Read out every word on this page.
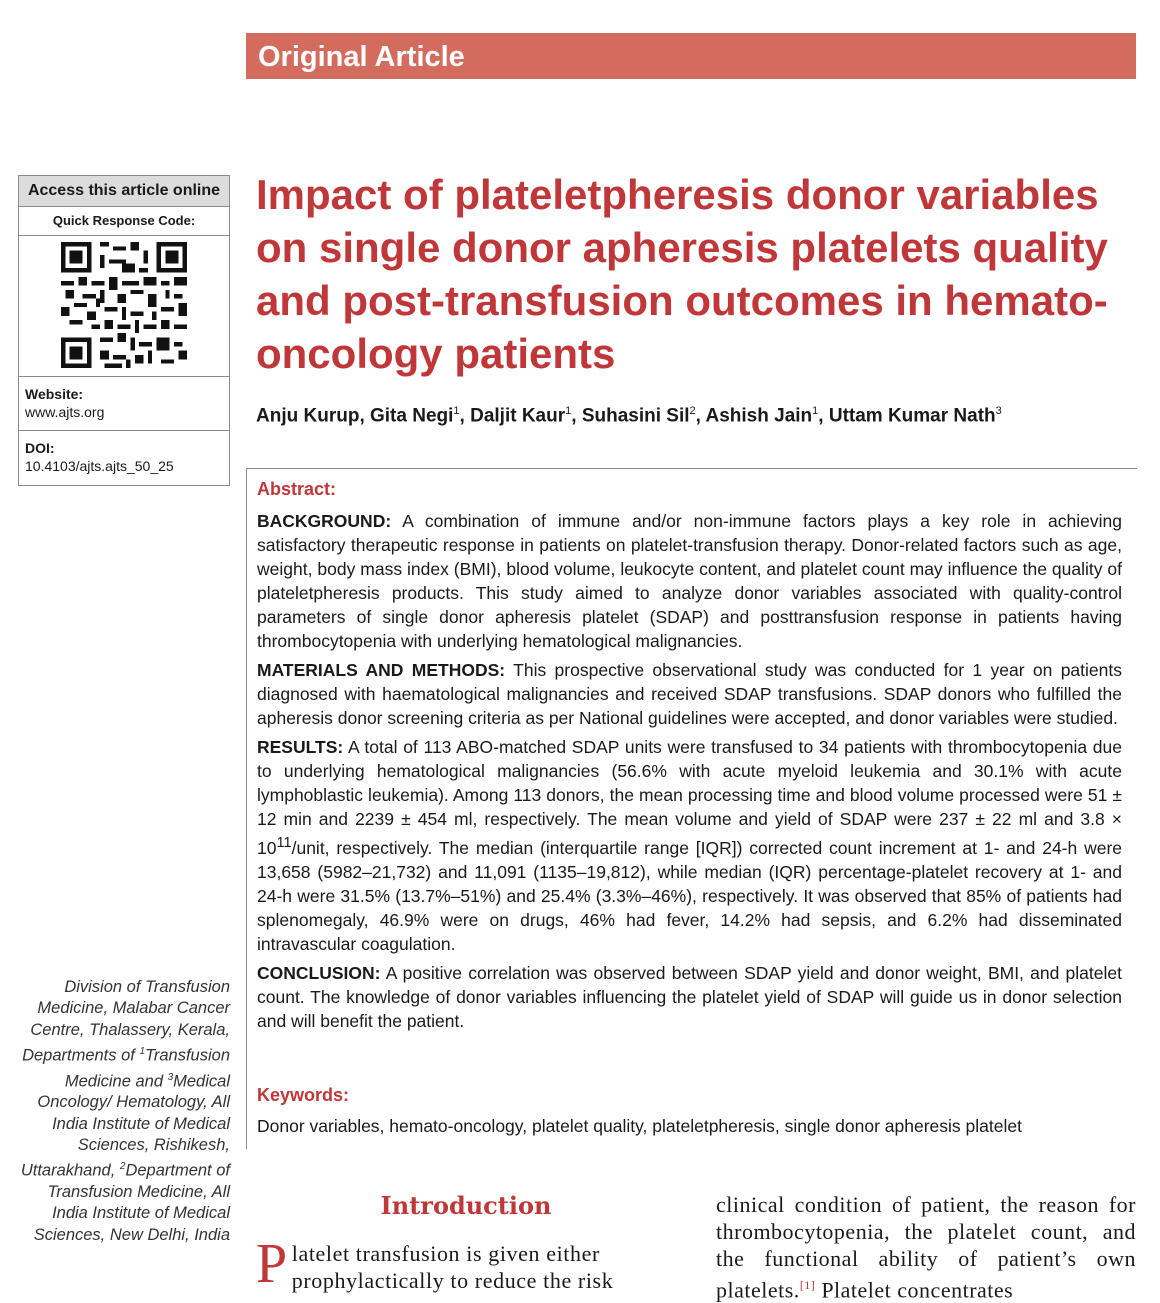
Original Article
Access this article online
Quick Response Code:
Website:
www.ajts.org
DOI:
10.4103/ajts.ajts_50_25
Impact of plateletpheresis donor variables on single donor apheresis platelets quality and post-transfusion outcomes in hemato-oncology patients
Anju Kurup, Gita Negi$^1$, Daljit Kaur$^1$, Suhasini Sil$^2$, Ashish Jain$^1$, Uttam Kumar Nath$^3$
Abstract:

BACKGROUND: A combination of immune and/or non-immune factors plays a key role in achieving satisfactory therapeutic response in patients on platelet-transfusion therapy. Donor-related factors such as age, weight, body mass index (BMI), blood volume, leukocyte content, and platelet count may influence the quality of plateletpheresis products. This study aimed to analyze donor variables associated with quality-control parameters of single donor apheresis platelet (SDAP) and posttransfusion response in patients having thrombocytopenia with underlying hematological malignancies.

MATERIALS AND METHODS: This prospective observational study was conducted for 1 year on patients diagnosed with haematological malignancies and received SDAP transfusions. SDAP donors who fulfilled the apheresis donor screening criteria as per National guidelines were accepted, and donor variables were studied.

RESULTS: A total of 113 ABO-matched SDAP units were transfused to 34 patients with thrombocytopenia due to underlying hematological malignancies (56.6% with acute myeloid leukemia and 30.1% with acute lymphoblastic leukemia). Among 113 donors, the mean processing time and blood volume processed were 51 ± 12 min and 2239 ± 454 ml, respectively. The mean volume and yield of SDAP were 237 ± 22 ml and $3.8 \times 10^{11}$/unit, respectively. The median (interquartile range [IQR]) corrected count increment at 1- and 24-h were 13,658 (5982–21,732) and 11,091 (1135–19,812), while median (IQR) percentage-platelet recovery at 1- and 24-h were 31.5% (13.7%–51%) and 25.4% (3.3%–46%), respectively. It was observed that 85% of patients had splenomegaly, 46.9% were on drugs, 46% had fever, 14.2% had sepsis, and 6.2% had disseminated intravascular coagulation.

CONCLUSION: A positive correlation was observed between SDAP yield and donor weight, BMI, and platelet count. The knowledge of donor variables influencing the platelet yield of SDAP will guide us in donor selection and will benefit the patient.

Keywords:
Donor variables, hemato-oncology, platelet quality, plateletpheresis, single donor apheresis platelet
Division of Transfusion Medicine, Malabar Cancer Centre, Thalassery, Kerala, Departments of $^1$Transfusion Medicine and $^3$Medical Oncology/ Hematology, All India Institute of Medical Sciences, Rishikesh, Uttarakhand, $^2$Department of Transfusion Medicine, All India Institute of Medical Sciences, New Delhi, India
Introduction
Platelet transfusion is given either prophylactically to reduce the risk
clinical condition of patient, the reason for thrombocytopenia, the platelet count, and the functional ability of patient’s own platelets.[1] Platelet concentrates
